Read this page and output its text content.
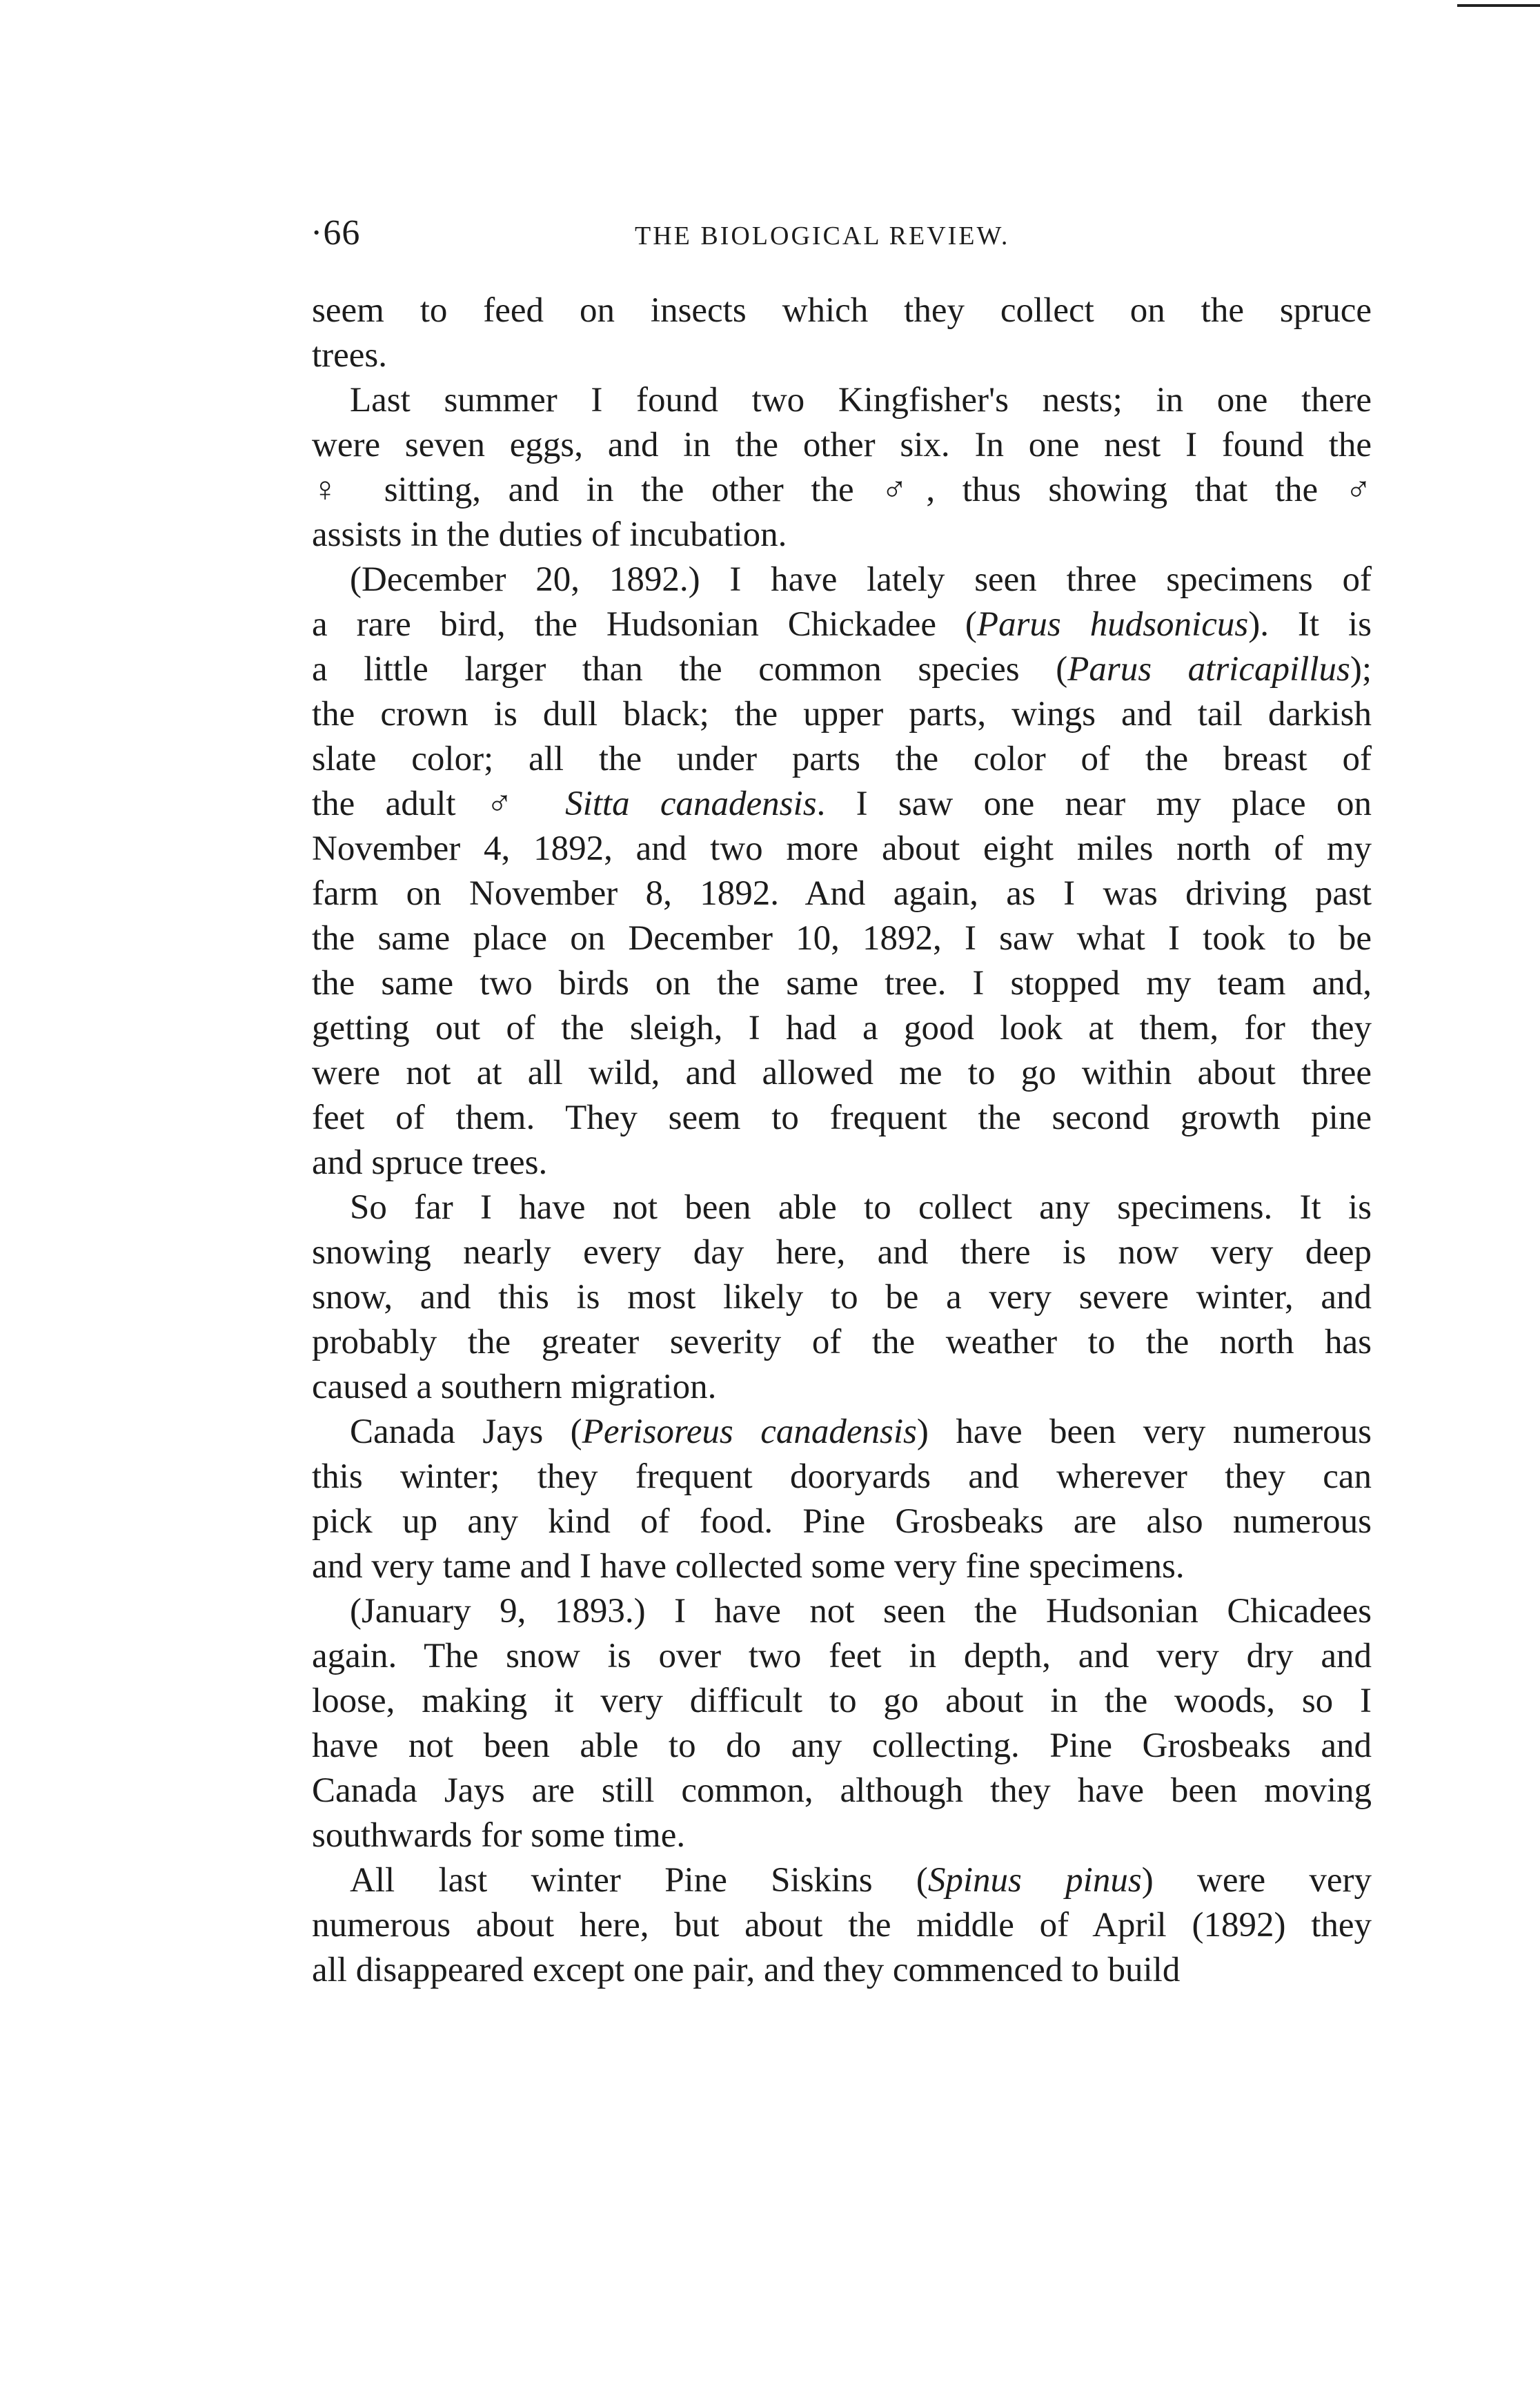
·66	THE BIOLOGICAL REVIEW.
seem to feed on insects which they collect on the spruce
trees.
Last summer I found two Kingfisher's nests; in one there
were seven eggs, and in the other six. In one nest I found the
♀ sitting, and in the other the ♂, thus showing that the ♂
assists in the duties of incubation.
(December 20, 1892.) I have lately seen three specimens of
a rare bird, the Hudsonian Chickadee (Parus hudsonicus). It is
a little larger than the common species (Parus atricapillus);
the crown is dull black; the upper parts, wings and tail darkish
slate color; all the under parts the color of the breast of
the adult ♂ Sitta canadensis. I saw one near my place on
November 4, 1892, and two more about eight miles north of my
farm on November 8, 1892. And again, as I was driving past
the same place on December 10, 1892, I saw what I took to be
the same two birds on the same tree. I stopped my team and,
getting out of the sleigh, I had a good look at them, for they
were not at all wild, and allowed me to go within about three
feet of them. They seem to frequent the second growth pine
and spruce trees.
So far I have not been able to collect any specimens. It is
snowing nearly every day here, and there is now very deep
snow, and this is most likely to be a very severe winter, and
probably the greater severity of the weather to the north has
caused a southern migration.
Canada Jays (Perisoreus canadensis) have been very numerous
this winter; they frequent dooryards and wherever they can
pick up any kind of food. Pine Grosbeaks are also numerous
and very tame and I have collected some very fine specimens.
(January 9, 1893.) I have not seen the Hudsonian Chicadees
again. The snow is over two feet in depth, and very dry and
loose, making it very difficult to go about in the woods, so I
have not been able to do any collecting. Pine Grosbeaks and
Canada Jays are still common, although they have been moving
southwards for some time.
All last winter Pine Siskins (Spinus pinus) were very
numerous about here, but about the middle of April (1892) they
all disappeared except one pair, and they commenced to build
